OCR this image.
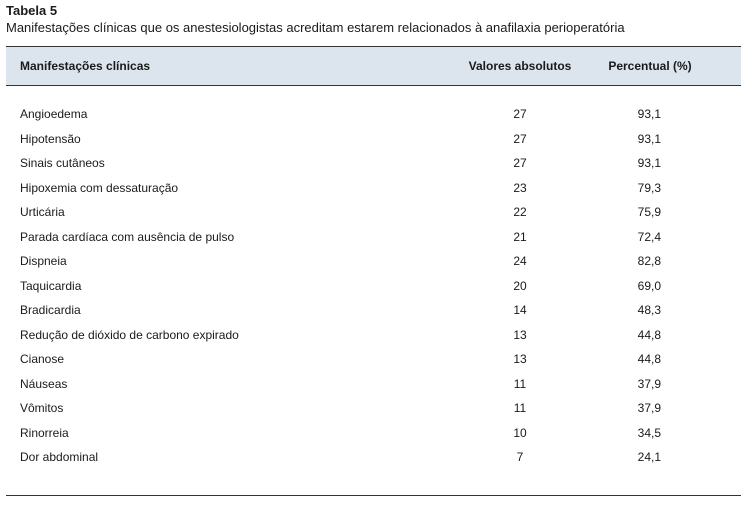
Tabela 5
Manifestações clínicas que os anestesiologistas acreditam estarem relacionados à anafilaxia perioperatória
Manifestações clínicas	Valores absolutos	Percentual (%)
Angioedema	27	93,1
Hipotensão	27	93,1
Sinais cutâneos	27	93,1
Hipoxemia com dessaturação	23	79,3
Urticária	22	75,9
Parada cardíaca com ausência de pulso	21	72,4
Dispneia	24	82,8
Taquicardia	20	69,0
Bradicardia	14	48,3
Redução de dióxido de carbono expirado	13	44,8
Cianose	13	44,8
Náuseas	11	37,9
Vômitos	11	37,9
Rinorreia	10	34,5
Dor abdominal	7	24,1
